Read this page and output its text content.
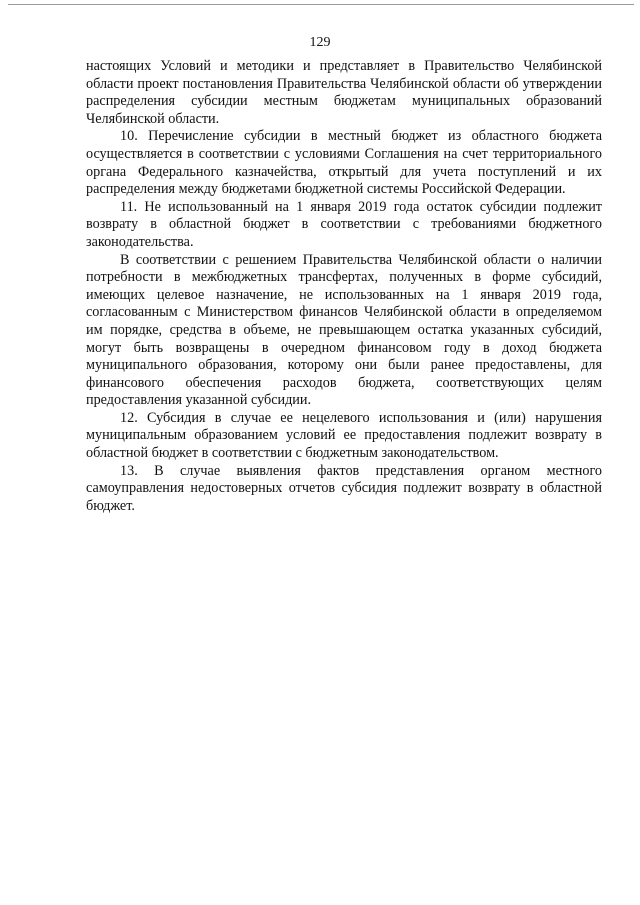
129

настоящих Условий и методики и представляет в Правительство Челябинской области проект постановления Правительства Челябинской области об утверждении распределения субсидии местным бюджетам муниципальных образований Челябинской области.

10. Перечисление субсидии в местный бюджет из областного бюджета осуществляется в соответствии с условиями Соглашения на счет территориального органа Федерального казначейства, открытый для учета поступлений и их распределения между бюджетами бюджетной системы Российской Федерации.

11. Не использованный на 1 января 2019 года остаток субсидии подлежит возврату в областной бюджет в соответствии с требованиями бюджетного законодательства.

В соответствии с решением Правительства Челябинской области о наличии потребности в межбюджетных трансфертах, полученных в форме субсидий, имеющих целевое назначение, не использованных на 1 января 2019 года, согласованным с Министерством финансов Челябинской области в определяемом им порядке, средства в объеме, не превышающем остатка указанных субсидий, могут быть возвращены в очередном финансовом году в доход бюджета муниципального образования, которому они были ранее предоставлены, для финансового обеспечения расходов бюджета, соответствующих целям предоставления указанной субсидии.

12. Субсидия в случае ее нецелевого использования и (или) нарушения муниципальным образованием условий ее предоставления подлежит возврату в областной бюджет в соответствии с бюджетным законодательством.

13. В случае выявления фактов представления органом местного самоуправления недостоверных отчетов субсидия подлежит возврату в областной бюджет.
